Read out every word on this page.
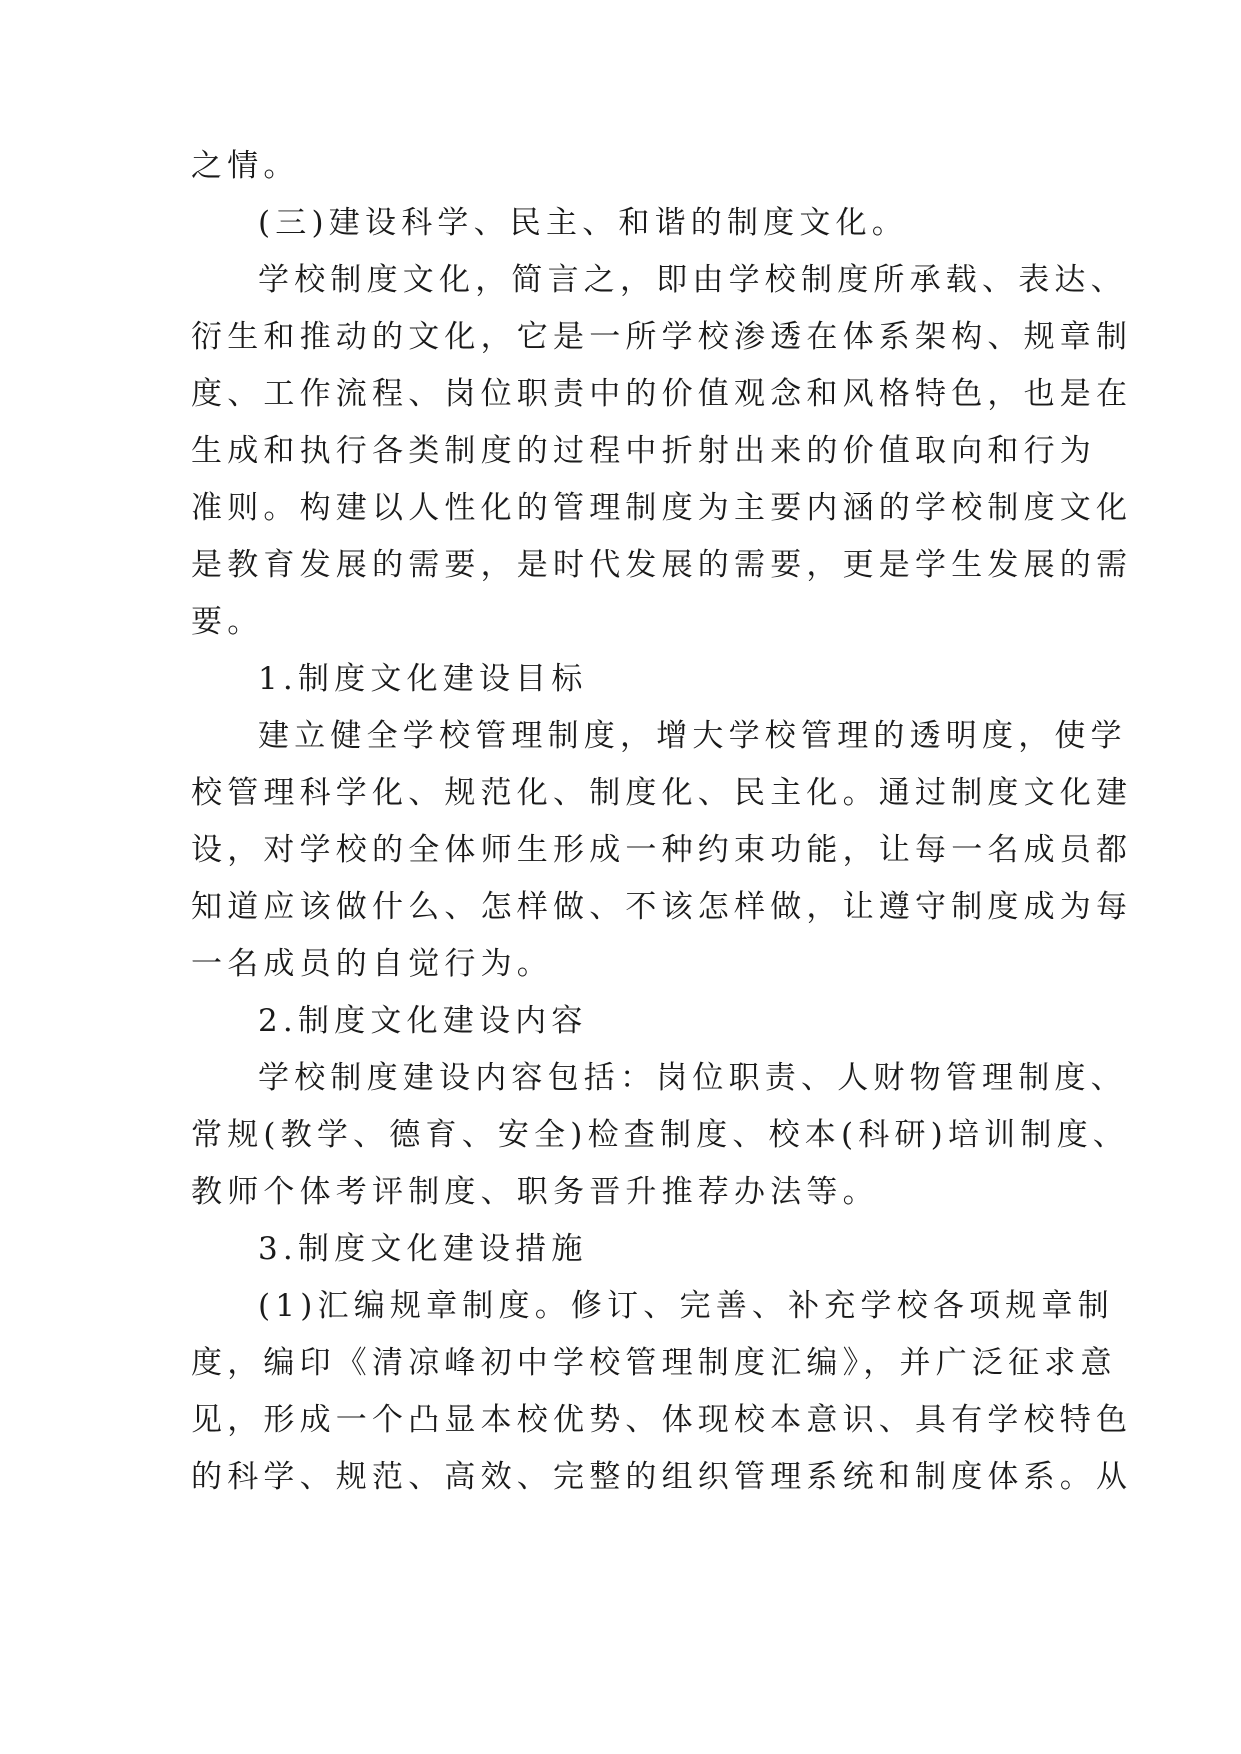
之情。
(三)建设科学、民主、和谐的制度文化。
学校制度文化，简言之，即由学校制度所承载、表达、
衍生和推动的文化，它是一所学校渗透在体系架构、规章制
度、工作流程、岗位职责中的价值观念和风格特色，也是在
生成和执行各类制度的过程中折射出来的价值取向和行为
准则。构建以人性化的管理制度为主要内涵的学校制度文化
是教育发展的需要，是时代发展的需要，更是学生发展的需
要。
1.制度文化建设目标
建立健全学校管理制度，增大学校管理的透明度，使学
校管理科学化、规范化、制度化、民主化。通过制度文化建
设，对学校的全体师生形成一种约束功能，让每一名成员都
知道应该做什么、怎样做、不该怎样做，让遵守制度成为每
一名成员的自觉行为。
2.制度文化建设内容
学校制度建设内容包括：岗位职责、人财物管理制度、
常规(教学、德育、安全)检查制度、校本(科研)培训制度、
教师个体考评制度、职务晋升推荐办法等。
3.制度文化建设措施
(1)汇编规章制度。修订、完善、补充学校各项规章制
度，编印《清凉峰初中学校管理制度汇编》，并广泛征求意
见，形成一个凸显本校优势、体现校本意识、具有学校特色
的科学、规范、高效、完整的组织管理系统和制度体系。从
